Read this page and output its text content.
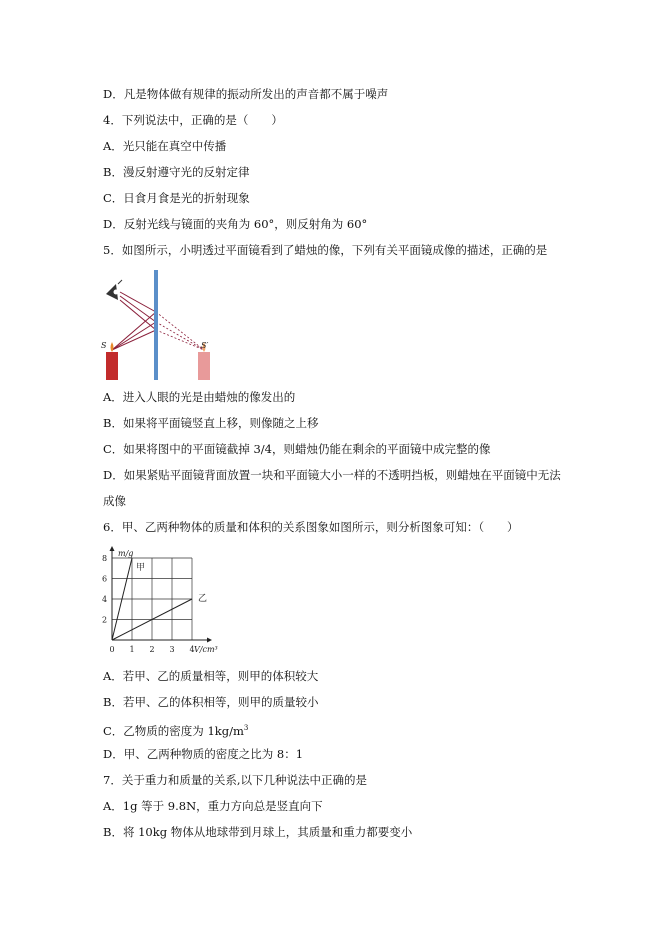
D．凡是物体做有规律的振动所发出的声音都不属于噪声
4．下列说法中，正确的是（　　）
A．光只能在真空中传播
B．漫反射遵守光的反射定律
C．日食月食是光的折射现象
D．反射光线与镜面的夹角为 60°，则反射角为 60°
5．如图所示，小明透过平面镜看到了蜡烛的像，下列有关平面镜成像的描述，正确的是
S	S′
A．进入人眼的光是由蜡烛的像发出的
B．如果将平面镜竖直上移，则像随之上移
C．如果将图中的平面镜截掉 3/4，则蜡烛仍能在剩余的平面镜中成完整的像
D．如果紧贴平面镜背面放置一块和平面镜大小一样的不透明挡板，则蜡烛在平面镜中无法
成像
6．甲、乙两种物体的质量和体积的关系图象如图所示，则分析图象可知：（　　）
0 1 2 3 4
2
4
6
8
m/g
V/cm³
甲
乙
A．若甲、乙的质量相等，则甲的体积较大
B．若甲、乙的体积相等，则甲的质量较小
C．乙物质的密度为 $1kg/m^3$
D．甲、乙两种物质的密度之比为 8：1
7．关于重力和质量的关系,以下几种说法中正确的是
A．1g 等于 9.8N，重力方向总是竖直向下
B．将 10kg 物体从地球带到月球上，其质量和重力都要变小
